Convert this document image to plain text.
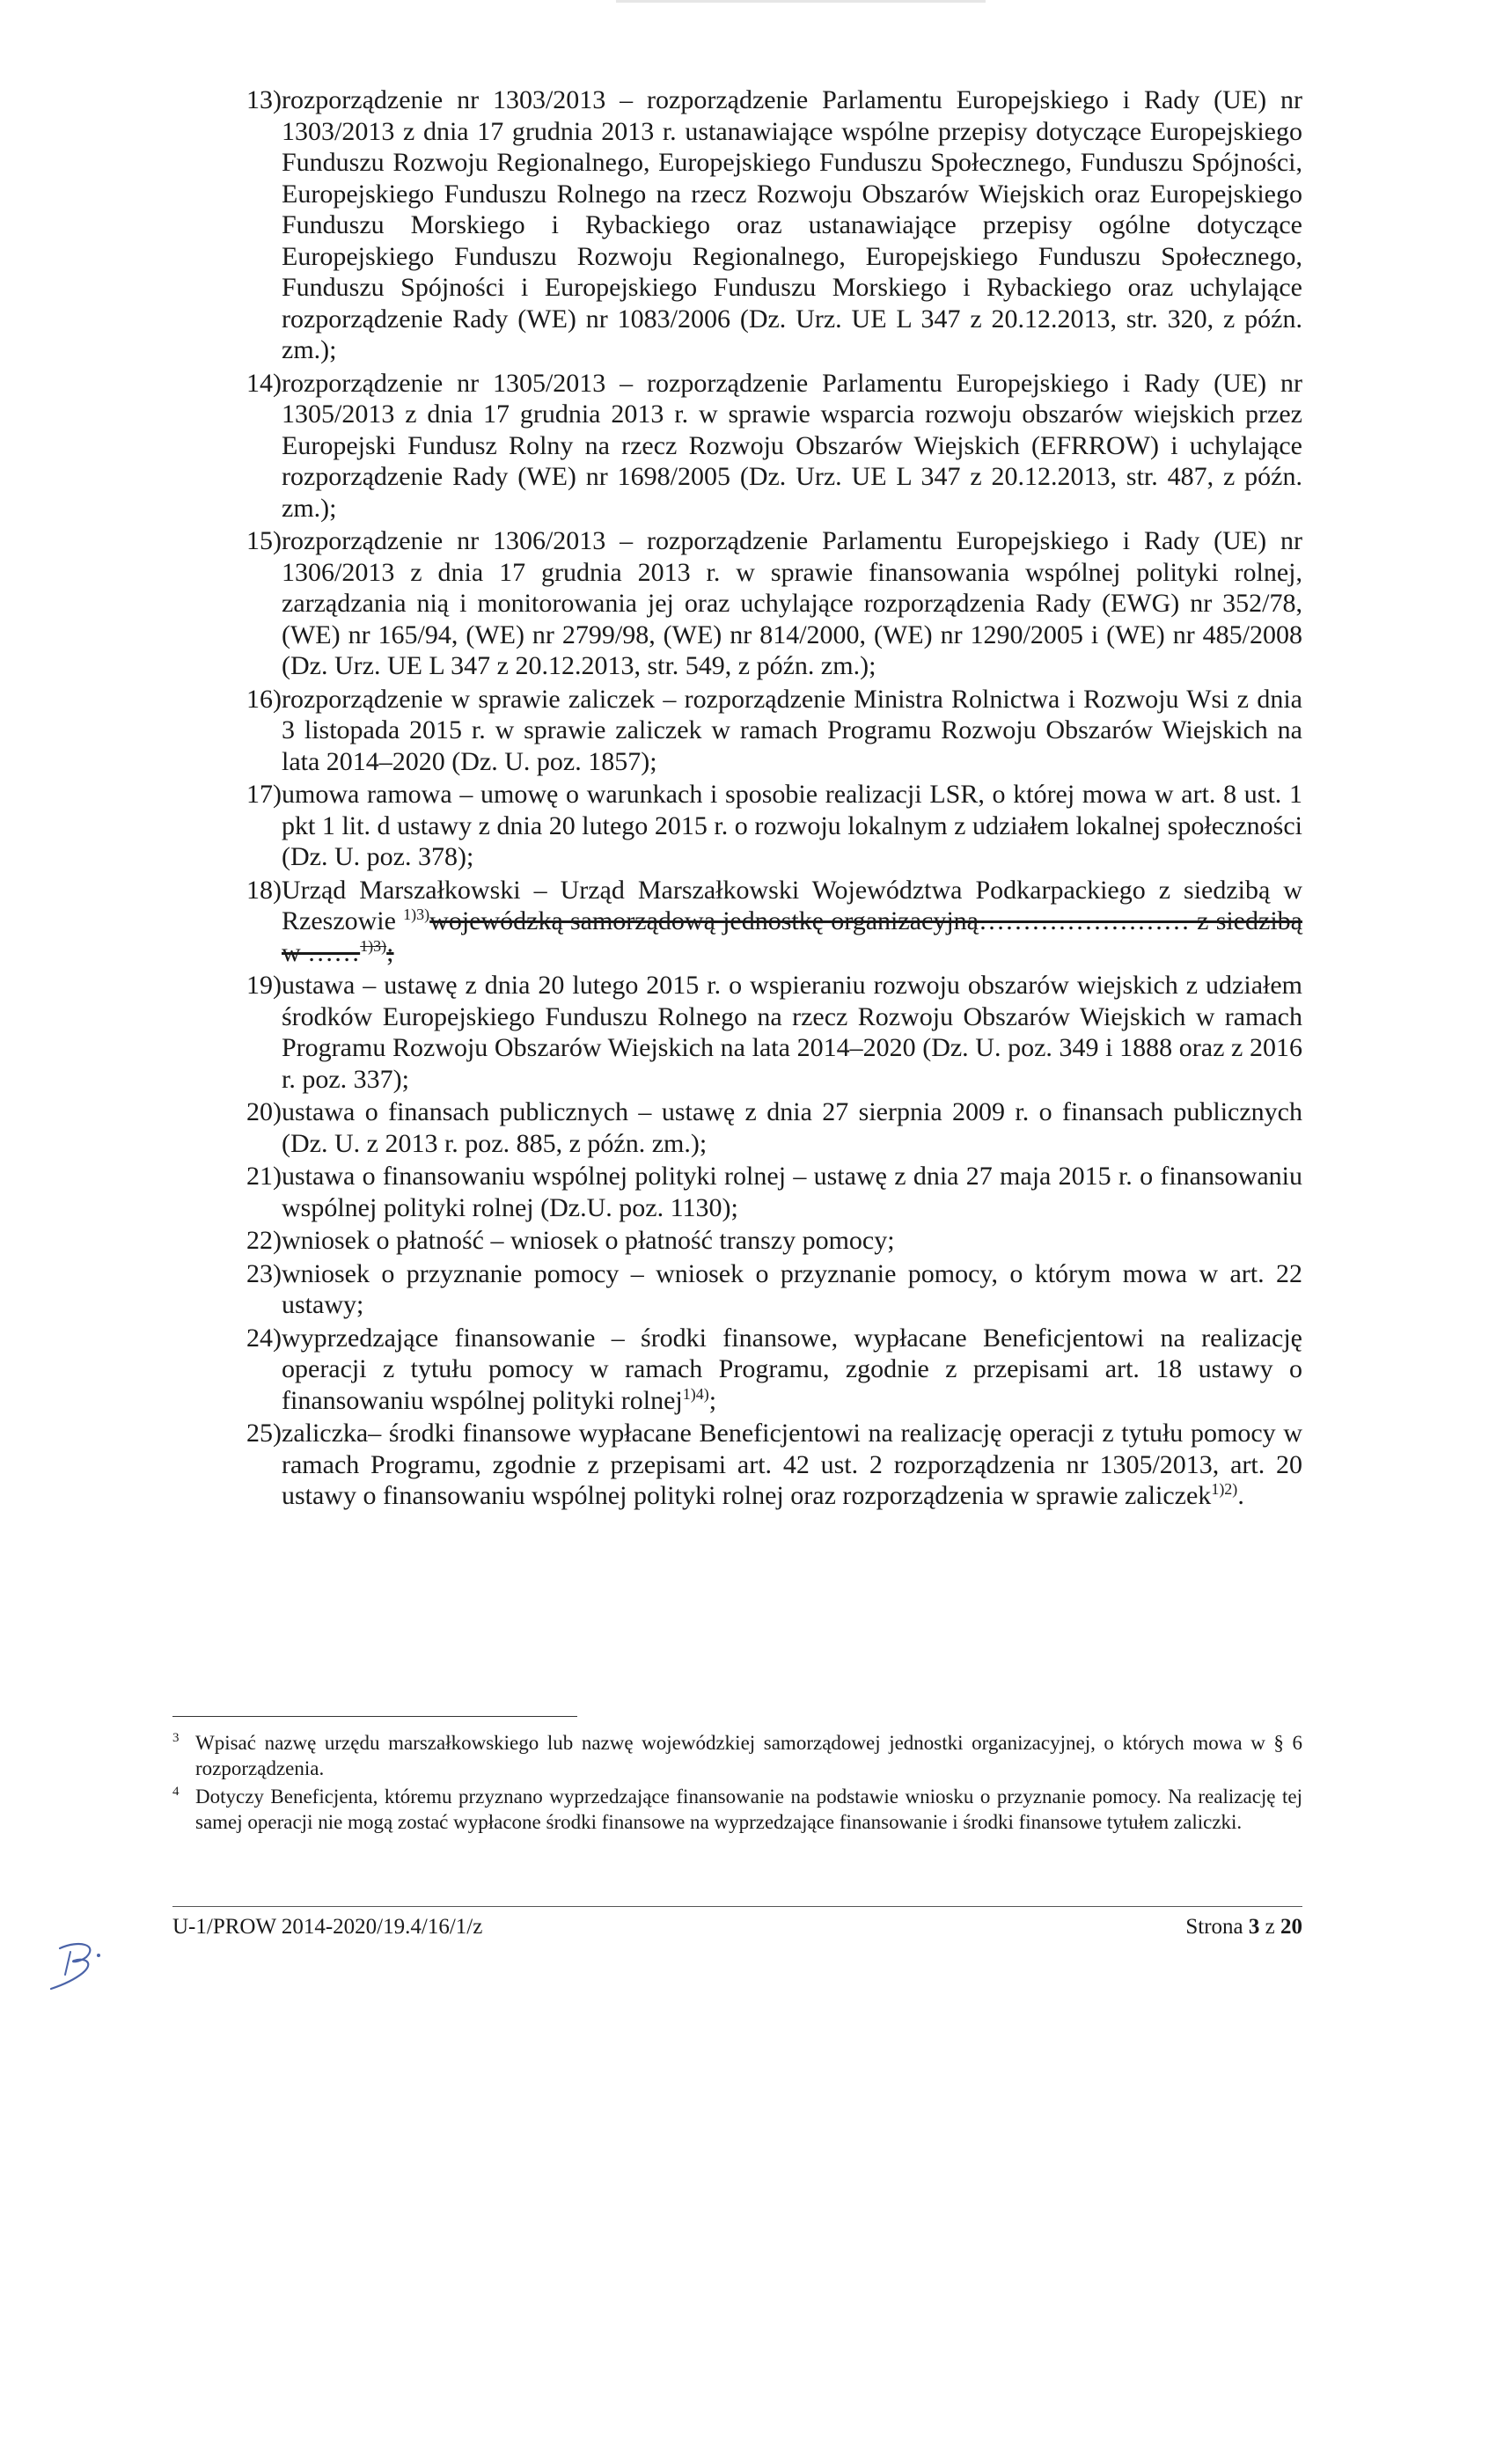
13) rozporządzenie nr 1303/2013 – rozporządzenie Parlamentu Europejskiego i Rady (UE) nr 1303/2013 z dnia 17 grudnia 2013 r. ustanawiające wspólne przepisy dotyczące Europejskiego Funduszu Rozwoju Regionalnego, Europejskiego Funduszu Społecznego, Funduszu Spójności, Europejskiego Funduszu Rolnego na rzecz Rozwoju Obszarów Wiejskich oraz Europejskiego Funduszu Morskiego i Rybackiego oraz ustanawiające przepisy ogólne dotyczące Europejskiego Funduszu Rozwoju Regionalnego, Europejskiego Funduszu Społecznego, Funduszu Spójności i Europejskiego Funduszu Morskiego i Rybackiego oraz uchylające rozporządzenie Rady (WE) nr 1083/2006 (Dz. Urz. UE L 347 z 20.12.2013, str. 320, z późn. zm.);
14) rozporządzenie nr 1305/2013 – rozporządzenie Parlamentu Europejskiego i Rady (UE) nr 1305/2013 z dnia 17 grudnia 2013 r. w sprawie wsparcia rozwoju obszarów wiejskich przez Europejski Fundusz Rolny na rzecz Rozwoju Obszarów Wiejskich (EFRROW) i uchylające rozporządzenie Rady (WE) nr 1698/2005 (Dz. Urz. UE L 347 z 20.12.2013, str. 487, z późn. zm.);
15) rozporządzenie nr 1306/2013 – rozporządzenie Parlamentu Europejskiego i Rady (UE) nr 1306/2013 z dnia 17 grudnia 2013 r. w sprawie finansowania wspólnej polityki rolnej, zarządzania nią i monitorowania jej oraz uchylające rozporządzenia Rady (EWG) nr 352/78, (WE) nr 165/94, (WE) nr 2799/98, (WE) nr 814/2000, (WE) nr 1290/2005 i (WE) nr 485/2008 (Dz. Urz. UE L 347 z 20.12.2013, str. 549, z późn. zm.);
16) rozporządzenie w sprawie zaliczek – rozporządzenie Ministra Rolnictwa i Rozwoju Wsi z dnia 3 listopada 2015 r. w sprawie zaliczek w ramach Programu Rozwoju Obszarów Wiejskich na lata 2014–2020 (Dz. U. poz. 1857);
17) umowa ramowa – umowę o warunkach i sposobie realizacji LSR, o której mowa w art. 8 ust. 1 pkt 1 lit. d ustawy z dnia 20 lutego 2015 r. o rozwoju lokalnym z udziałem lokalnej społeczności (Dz. U. poz. 378);
18) Urząd Marszałkowski – Urząd Marszałkowski Województwa Podkarpackiego z siedzibą w Rzeszowie $^{1)3)}$wojewódzką samorządową jednostkę organizacyjną…………………… z siedzibą w ……$^{1)3)}$;
19) ustawa – ustawę z dnia 20 lutego 2015 r. o wspieraniu rozwoju obszarów wiejskich z udziałem środków Europejskiego Funduszu Rolnego na rzecz Rozwoju Obszarów Wiejskich w ramach Programu Rozwoju Obszarów Wiejskich na lata 2014–2020 (Dz. U. poz. 349 i 1888 oraz z 2016 r. poz. 337);
20) ustawa o finansach publicznych – ustawę z dnia 27 sierpnia 2009 r. o finansach publicznych (Dz. U. z 2013 r. poz. 885, z późn. zm.);
21) ustawa o finansowaniu wspólnej polityki rolnej – ustawę z dnia 27 maja 2015 r. o finansowaniu wspólnej polityki rolnej (Dz.U. poz. 1130);
22) wniosek o płatność – wniosek o płatność transzy pomocy;
23) wniosek o przyznanie pomocy – wniosek o przyznanie pomocy, o którym mowa w art. 22 ustawy;
24) wyprzedzające finansowanie – środki finansowe, wypłacane Beneficjentowi na realizację operacji z tytułu pomocy w ramach Programu, zgodnie z przepisami art. 18 ustawy o finansowaniu wspólnej polityki rolnej$^{1)4)}$;
25) zaliczka– środki finansowe wypłacane Beneficjentowi na realizację operacji z tytułu pomocy w ramach Programu, zgodnie z przepisami art. 42 ust. 2 rozporządzenia nr 1305/2013, art. 20 ustawy o finansowaniu wspólnej polityki rolnej oraz rozporządzenia w sprawie zaliczek$^{1)2)}$.
3 Wpisać nazwę urzędu marszałkowskiego lub nazwę wojewódzkiej samorządowej jednostki organizacyjnej, o których mowa w § 6 rozporządzenia.
4 Dotyczy Beneficjenta, któremu przyznano wyprzedzające finansowanie na podstawie wniosku o przyznanie pomocy. Na realizację tej samej operacji nie mogą zostać wypłacone środki finansowe na wyprzedzające finansowanie i środki finansowe tytułem zaliczki.
U-1/PROW 2014-2020/19.4/16/1/z	Strona 3 z 20
